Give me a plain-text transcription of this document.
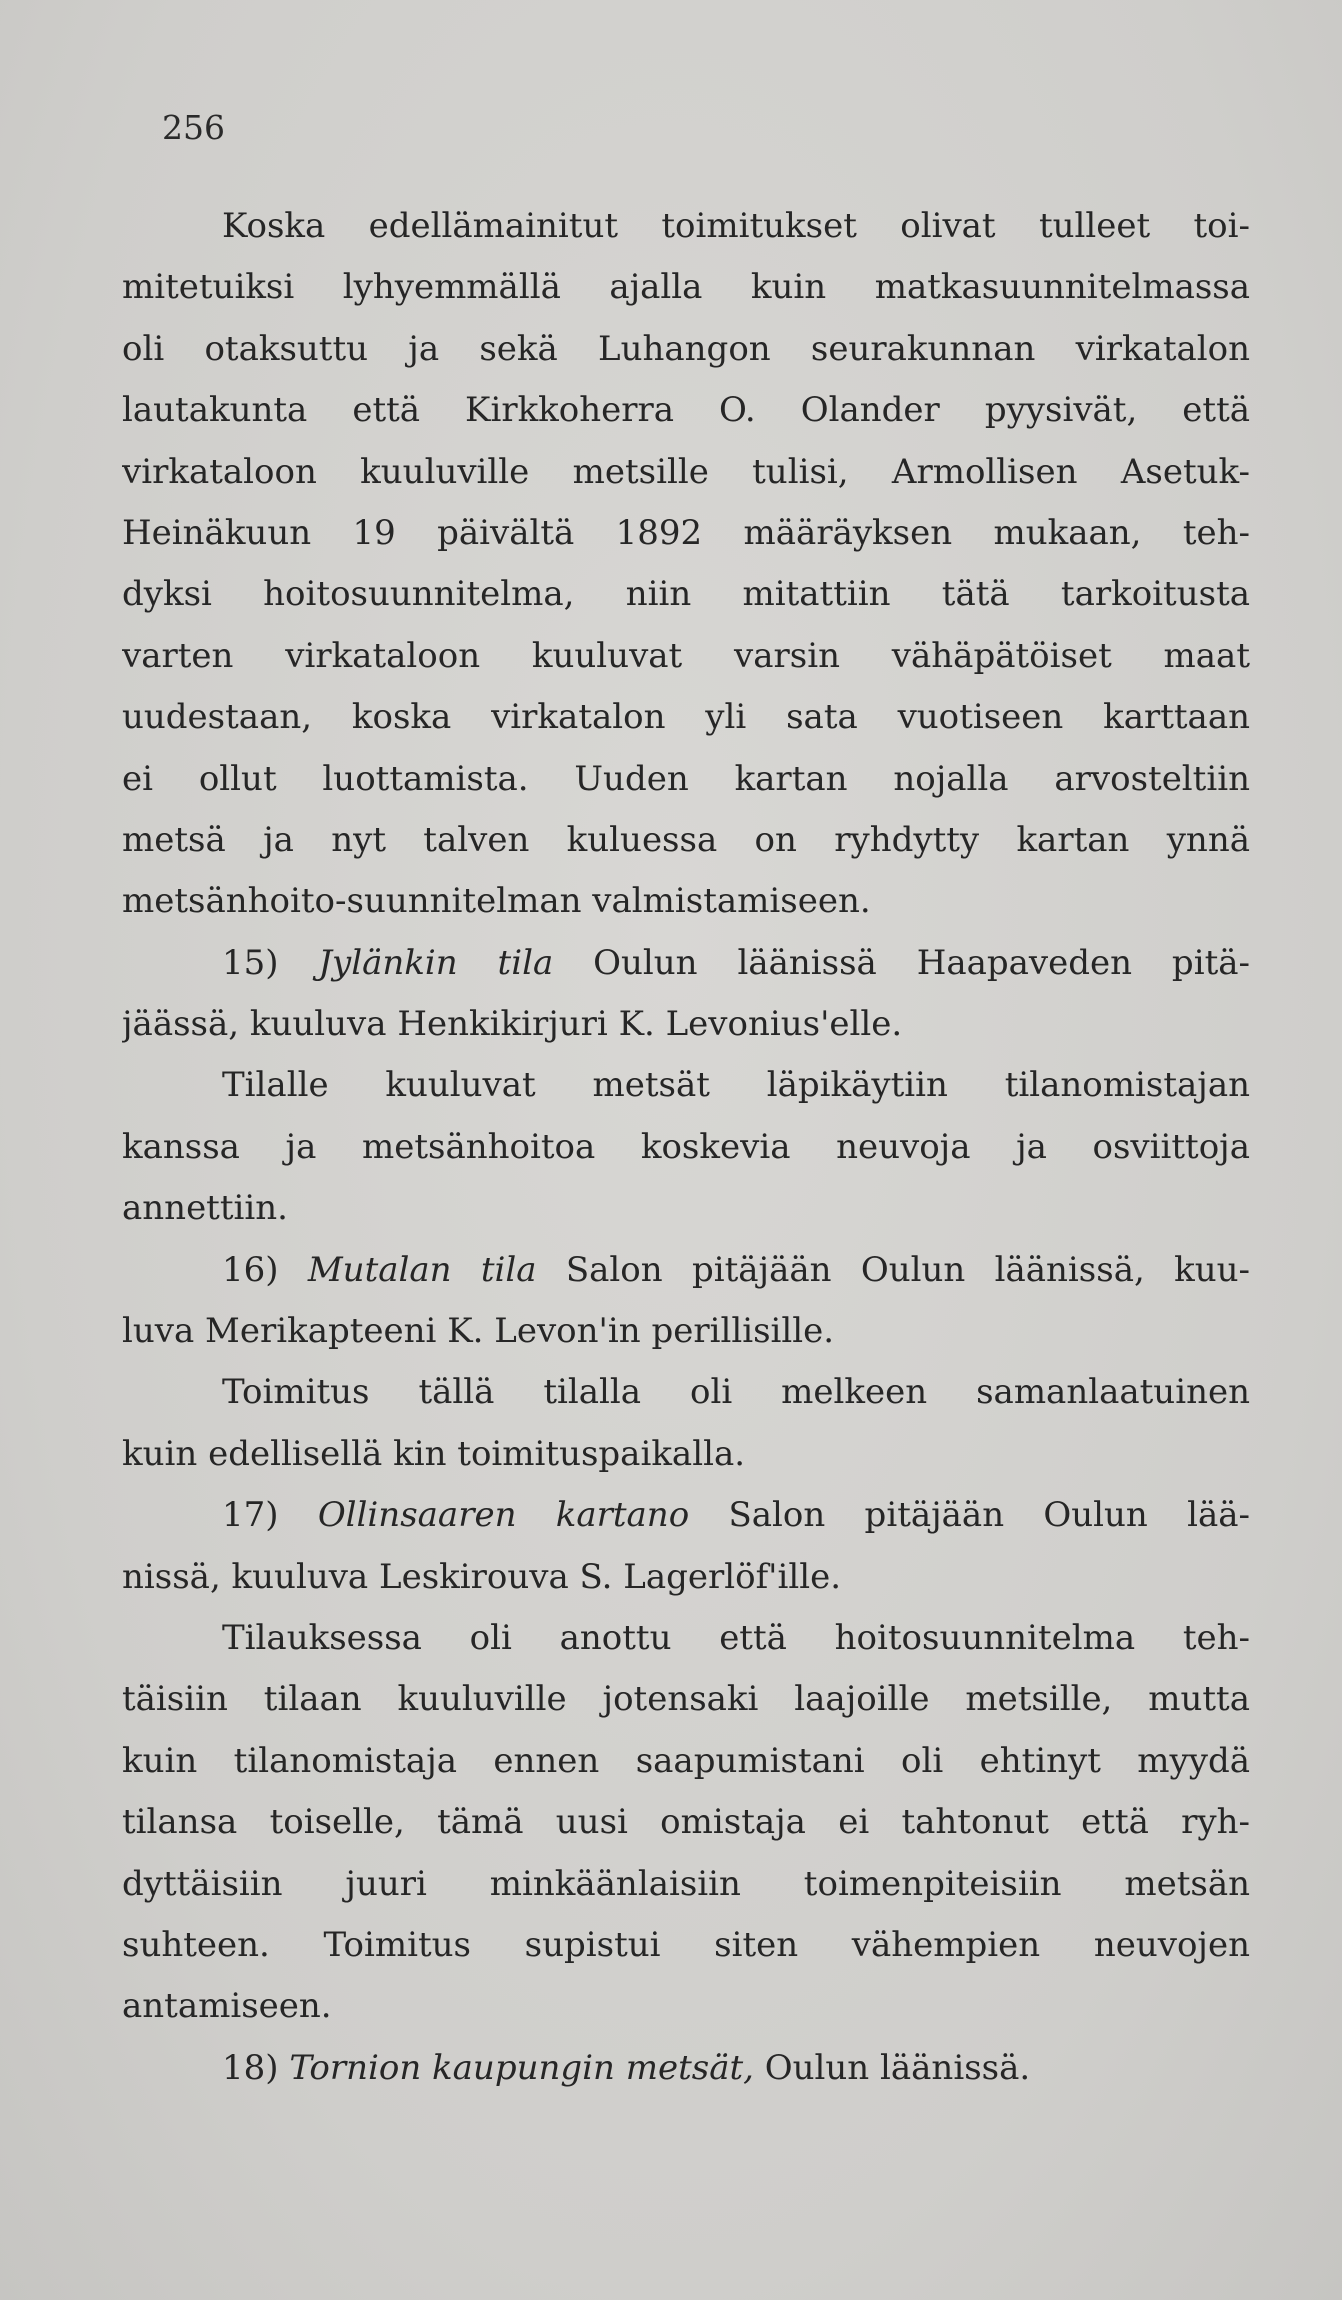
256
Koska edellämainitut toimitukset olivat tulleet toi-
mitetuiksi lyhyemmällä ajalla kuin matkasuunnitelmassa
oli otaksuttu ja sekä Luhangon seurakunnan virkatalon
lautakunta että Kirkkoherra O. Olander pyysivät, että
virkataloon kuuluville metsille tulisi, Armollisen Asetuk-
Heinäkuun 19 päivältä 1892 määräyksen mukaan, teh-
dyksi hoitosuunnitelma, niin mitattiin tätä tarkoitusta
varten virkataloon kuuluvat varsin vähäpätöiset maat
uudestaan, koska virkatalon yli sata vuotiseen karttaan
ei ollut luottamista. Uuden kartan nojalla arvosteltiin
metsä ja nyt talven kuluessa on ryhdytty kartan ynnä
metsänhoito-suunnitelman valmistamiseen.
15) Jylänkin tila Oulun läänissä Haapaveden pitä-
jäässä, kuuluva Henkikirjuri K. Levonius'elle.
Tilalle kuuluvat metsät läpikäytiin tilanomistajan
kanssa ja metsänhoitoa koskevia neuvoja ja osviittoja
annettiin.
16) Mutalan tila Salon pitäjään Oulun läänissä, kuu-
luva Merikapteeni K. Levon'in perillisille.
Toimitus tällä tilalla oli melkeen samanlaatuinen
kuin edellisellä kin toimituspaikalla.
17) Ollinsaaren kartano Salon pitäjään Oulun lää-
nissä, kuuluva Leskirouva S. Lagerlöf'ille.
Tilauksessa oli anottu että hoitosuunnitelma teh-
täisiin tilaan kuuluville jotensaki laajoille metsille, mutta
kuin tilanomistaja ennen saapumistani oli ehtinyt myydä
tilansa toiselle, tämä uusi omistaja ei tahtonut että ryh-
dyttäisiin juuri minkäänlaisiin toimenpiteisiin metsän
suhteen. Toimitus supistui siten vähempien neuvojen
antamiseen.
18) Tornion kaupungin metsät, Oulun läänissä.
